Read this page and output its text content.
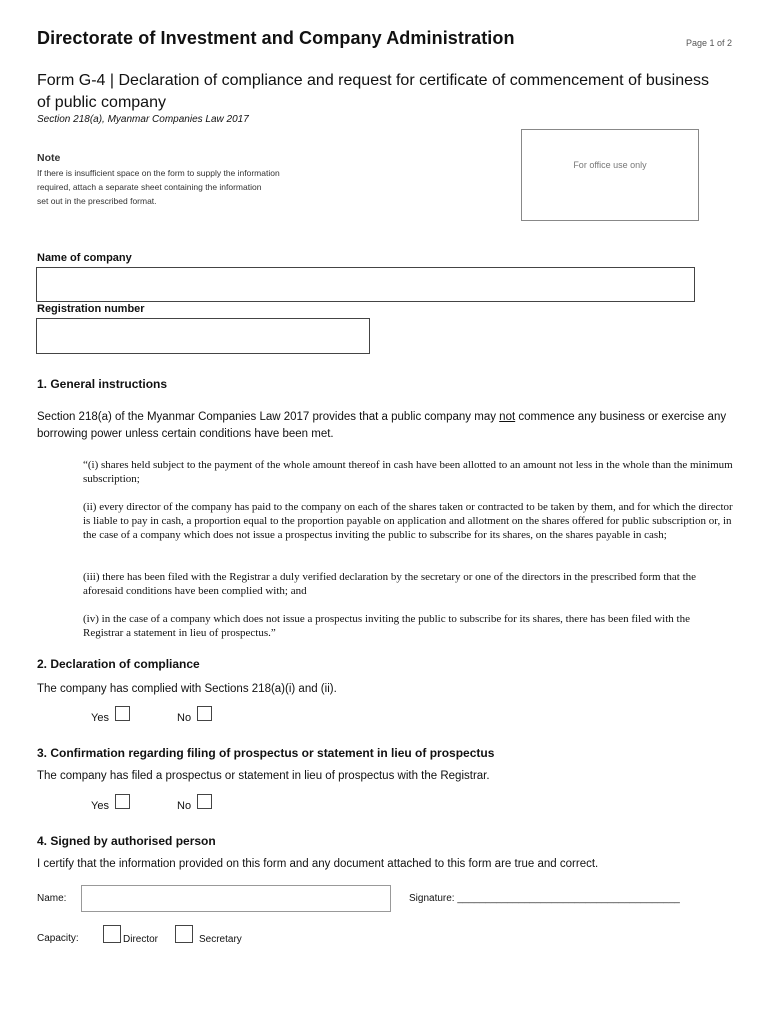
Directorate of Investment and Company Administration	Page 1 of 2
Form G-4 | Declaration of compliance and request for certificate of commencement of business of public company
Section 218(a), Myanmar Companies Law 2017
Note
If there is insufficient space on the form to supply the information
required, attach a separate sheet containing the information
set out in the prescribed format.
For office use only
Name of company
Registration number
1. General instructions
Section 218(a) of the Myanmar Companies Law 2017 provides that a public company may not commence any business or exercise any borrowing power unless certain conditions have been met.
“(i) shares held subject to the payment of the whole amount thereof in cash have been allotted to an amount not less in the whole than the minimum subscription;
(ii) every director of the company has paid to the company on each of the shares taken or contracted to be taken by them, and for which the director is liable to pay in cash, a proportion equal to the proportion payable on application and allotment on the shares offered for public subscription or, in the case of a company which does not issue a prospectus inviting the public to subscribe for its shares, on the shares payable in cash;
(iii) there has been filed with the Registrar a duly verified declaration by the secretary or one of the directors in the prescribed form that the aforesaid conditions have been complied with; and
(iv) in the case of a company which does not issue a prospectus inviting the public to subscribe for its shares, there has been filed with the Registrar a statement in lieu of prospectus.”
2. Declaration of compliance
The company has complied with Sections 218(a)(i) and (ii).
Yes	No
3. Confirmation regarding filing of prospectus or statement in lieu of prospectus
The company has filed a prospectus or statement in lieu of prospectus with the Registrar.
Yes	No
4. Signed by authorised person
I certify that the information provided on this form and any document attached to this form are true and correct.
Name:	Signature: ________________________________________
Capacity:	Director	Secretary
